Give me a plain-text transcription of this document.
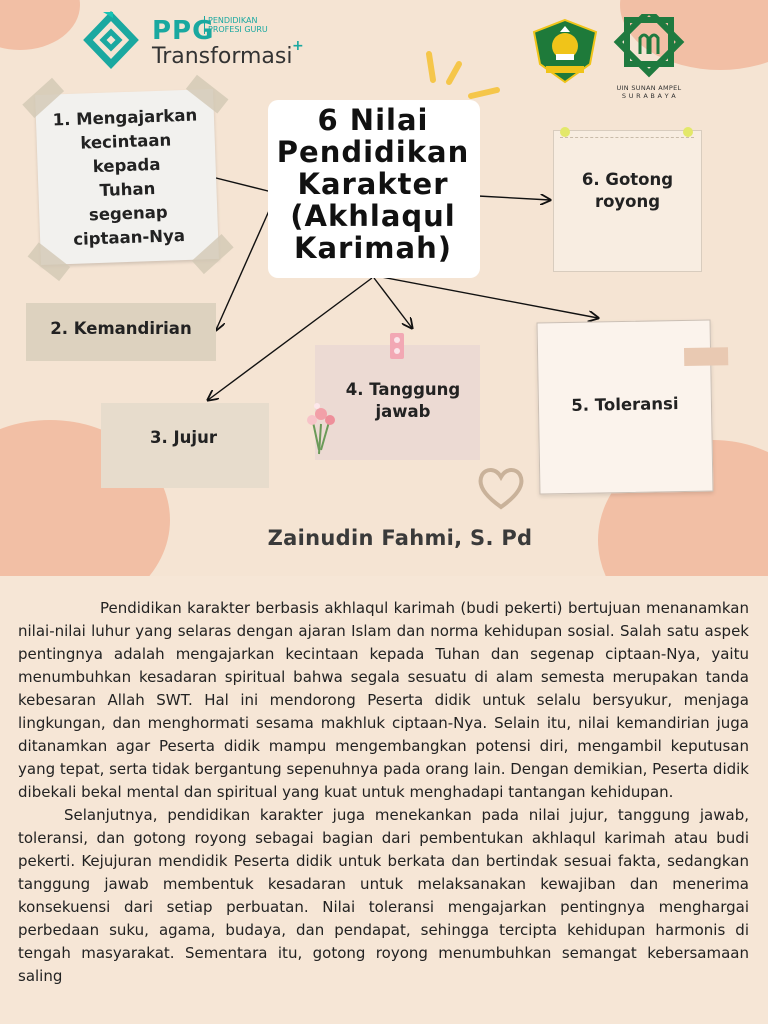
PPG
PENDIDIKAN
PROFESI GURU
Transformasi +
UIN SUNAN AMPEL
S U R A B A Y A
1. Mengajarkan
kecintaan
kepada
Tuhan
segenap
ciptaan-Nya
2. Kemandirian
3. Jujur
4. Tanggung
jawab	5. Toleransi
6. Gotong
royong
6 Nilai
Pendidikan
Karakter
(Akhlaqul
Karimah)
Zainudin Fahmi, S. Pd

Pendidikan karakter berbasis akhlaqul karimah (budi pekerti) bertujuan menanamkan nilai-nilai luhur yang selaras dengan ajaran Islam dan norma kehidupan sosial. Salah satu aspek pentingnya adalah mengajarkan kecintaan kepada Tuhan dan segenap ciptaan-Nya, yaitu menumbuhkan kesadaran spiritual bahwa segala sesuatu di alam semesta merupakan tanda kebesaran Allah SWT. Hal ini mendorong Peserta didik untuk selalu bersyukur, menjaga lingkungan, dan menghormati sesama makhluk ciptaan-Nya. Selain itu, nilai kemandirian juga ditanamkan agar Peserta didik mampu mengembangkan potensi diri, mengambil keputusan yang tepat, serta tidak bergantung sepenuhnya pada orang lain. Dengan demikian, Peserta didik dibekali bekal mental dan spiritual yang kuat untuk menghadapi tantangan kehidupan.

Selanjutnya, pendidikan karakter juga menekankan pada nilai jujur, tanggung jawab, toleransi, dan gotong royong sebagai bagian dari pembentukan akhlaqul karimah atau budi pekerti. Kejujuran mendidik Peserta didik untuk berkata dan bertindak sesuai fakta, sedangkan tanggung jawab membentuk kesadaran untuk melaksanakan kewajiban dan menerima konsekuensi dari setiap perbuatan. Nilai toleransi mengajarkan pentingnya menghargai perbedaan suku, agama, budaya, dan pendapat, sehingga tercipta kehidupan harmonis di tengah masyarakat. Sementara itu, gotong royong menumbuhkan semangat kebersamaan saling
